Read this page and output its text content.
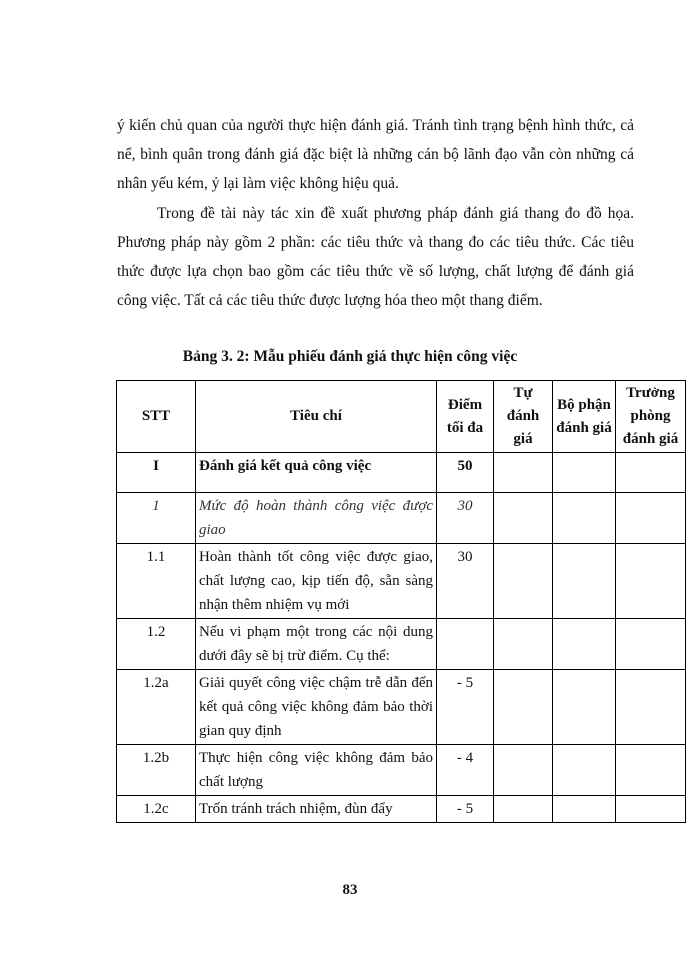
ý kiến chủ quan của người thực hiện đánh giá. Tránh tình trạng bệnh hình thức, cả nể, bình quân trong đánh giá đặc biệt là những cán bộ lãnh đạo vẫn còn những cá nhân yếu kém, ỷ lại làm việc không hiệu quả.

Trong đề tài này tác xin đề xuất phương pháp đánh giá thang đo đồ họa. Phương pháp này gồm 2 phần: các tiêu thức và thang đo các tiêu thức. Các tiêu thức được lựa chọn bao gồm các tiêu thức về số lượng, chất lượng để đánh giá công việc. Tất cả các tiêu thức được lượng hóa theo một thang điểm.

Bảng 3. 2: Mẫu phiếu đánh giá thực hiện công việc

STT	Tiêu chí	Điểm tối đa	Tự đánh giá	Bộ phận đánh giá	Trưởng phòng đánh giá
I	Đánh giá kết quả công việc	50			
1	Mức độ hoàn thành công việc được giao	30			
1.1	Hoàn thành tốt công việc được giao, chất lượng cao, kịp tiến độ, sẵn sàng nhận thêm nhiệm vụ mới	30			
1.2	Nếu vi phạm một trong các nội dung dưới đây sẽ bị trừ điểm. Cụ thể:				
1.2a	Giải quyết công việc chậm trễ dẫn đến kết quả công việc không đảm bảo thời gian quy định	- 5			
1.2b	Thực hiện công việc không đảm bảo chất lượng	- 4			
1.2c	Trốn tránh trách nhiệm, đùn đẩy	- 5			

83
